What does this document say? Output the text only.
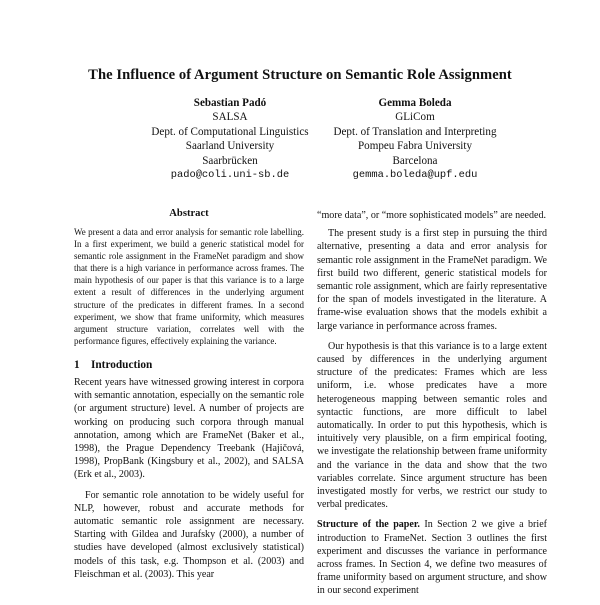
The Influence of Argument Structure on Semantic Role Assignment
Sebastian Padó
SALSA
Dept. of Computational Linguistics
Saarland University
Saarbrücken
pado@coli.uni-sb.de
Gemma Boleda
GLiCom
Dept. of Translation and Interpreting
Pompeu Fabra University
Barcelona
gemma.boleda@upf.edu
Abstract
We present a data and error analysis for semantic role labelling. In a first experiment, we build a generic statistical model for semantic role assignment in the FrameNet paradigm and show that there is a high variance in performance across frames. The main hypothesis of our paper is that this variance is to a large extent a result of differences in the underlying argument structure of the predicates in different frames. In a second experiment, we show that frame uniformity, which measures argument structure variation, correlates well with the performance figures, effectively explaining the variance.
1 Introduction

Recent years have witnessed growing interest in corpora with semantic annotation, especially on the semantic role (or argument structure) level. A number of projects are working on producing such corpora through manual annotation, among which are FrameNet (Baker et al., 1998), the Prague Dependency Treebank (Hajičová, 1998), PropBank (Kingsbury et al., 2002), and SALSA (Erk et al., 2003).

For semantic role annotation to be widely useful for NLP, however, robust and accurate methods for automatic semantic role assignment are necessary. Starting with Gildea and Jurafsky (2000), a number of studies have developed (almost exclusively statistical) models of this task, e.g. Thompson et al. (2003) and Fleischman et al. (2003). This year

“more data”, or “more sophisticated models” are needed.

The present study is a first step in pursuing the third alternative, presenting a data and error analysis for semantic role assignment in the FrameNet paradigm. We first build two different, generic statistical models for semantic role assignment, which are fairly representative for the span of models investigated in the literature. A frame-wise evaluation shows that the models exhibit a large variance in performance across frames.

Our hypothesis is that this variance is to a large extent caused by differences in the underlying argument structure of the predicates: Frames which are less uniform, i.e. whose predicates have a more heterogeneous mapping between semantic roles and syntactic functions, are more difficult to label automatically. In order to put this hypothesis, which is intuitively very plausible, on a firm empirical footing, we investigate the relationship between frame uniformity and the variance in the data and show that the two variables correlate. Since argument structure has been investigated mostly for verbs, we restrict our study to verbal predicates.

Structure of the paper. In Section 2 we give a brief introduction to FrameNet. Section 3 outlines the first experiment and discusses the variance in performance across frames. In Section 4, we define two measures of frame uniformity based on argument structure, and show in our second experiment
